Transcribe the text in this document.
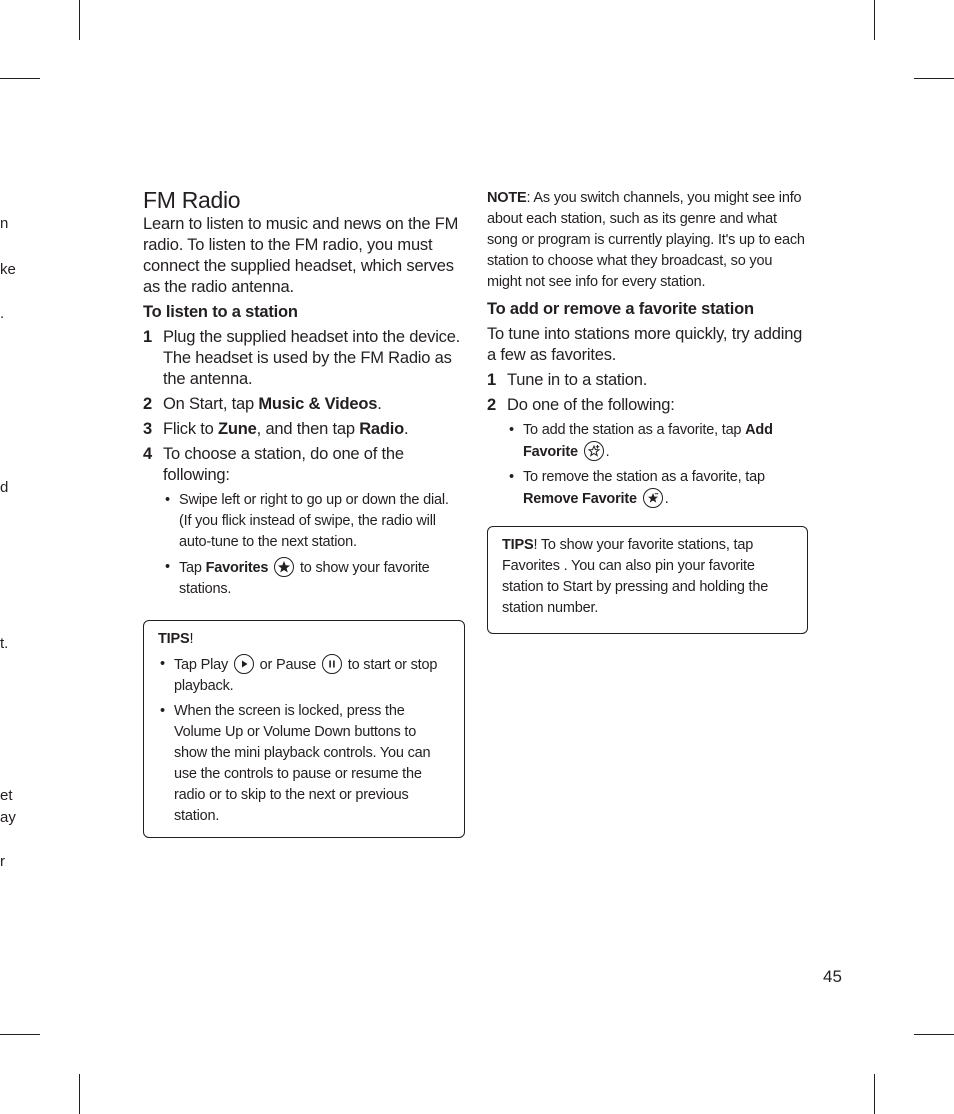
n
ke
.
d
t.
et
ay
r
FM Radio

Learn to listen to music and news on the FM radio. To listen to the FM radio, you must connect the supplied headset, which serves as the radio antenna.

To listen to a station

1 Plug the supplied headset into the device. The headset is used by the FM Radio as the antenna.
2 On Start, tap Music & Videos.
3 Flick to Zune, and then tap Radio.
4 To choose a station, do one of the following:
• Swipe left or right to go up or down the dial. (If you flick instead of swipe, the radio will auto-tune to the next station.
• Tap Favorites
to show your favorite stations.
TIPS!
• Tap Play
or Pause
to start or stop playback.
• When the screen is locked, press the Volume Up or Volume Down buttons to show the mini playback controls. You can use the controls to pause or resume the radio or to skip to the next or previous station.

NOTE: As you switch channels, you might see info about each station, such as its genre and what song or program is currently playing. It's up to each station to choose what they broadcast, so you might not see info for every station.

To add or remove a favorite station

To tune into stations more quickly, try adding a few as favorites.

1 Tune in to a station.
2 Do one of the following:
• To add the station as a favorite, tap Add Favorite .
• To remove the station as a favorite, tap Remove Favorite .

TIPS! To show your favorite stations, tap Favorites . You can also pin your favorite station to Start by pressing and holding the station number.

45
